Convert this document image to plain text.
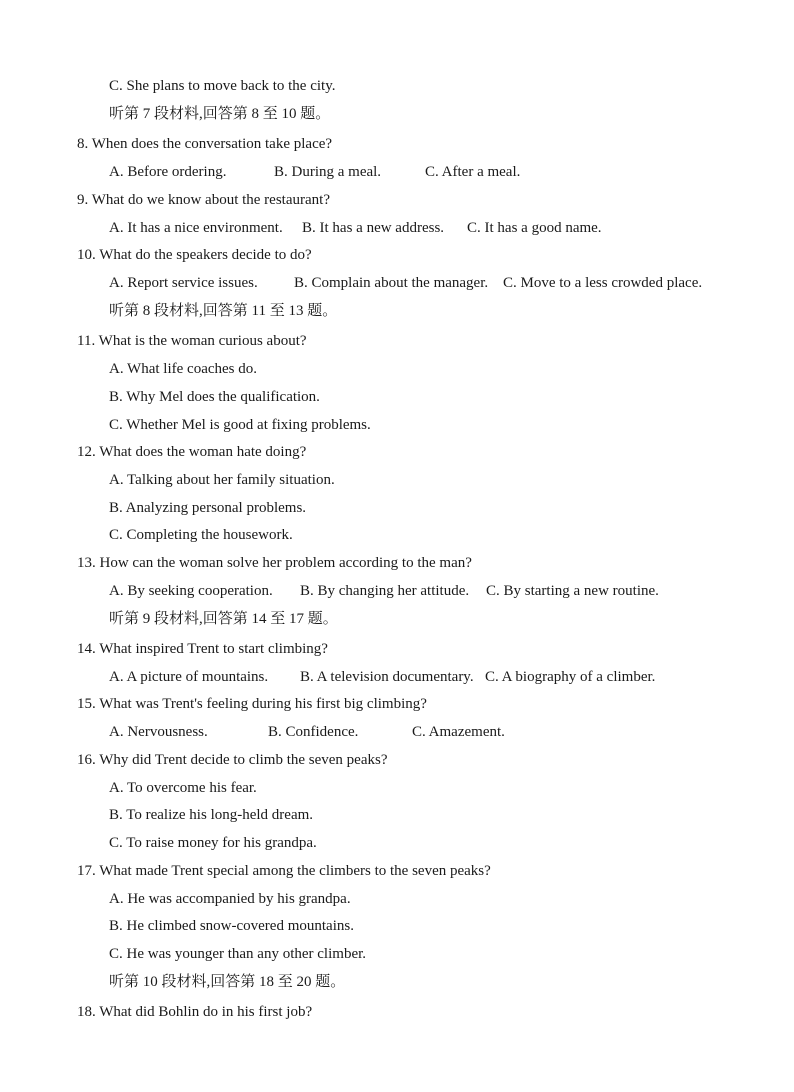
C. She plans to move back to the city.
听第 7 段材料,回答第 8 至 10 题。
8. When does the conversation take place?
A. Before ordering.	B. During a meal.	C. After a meal.
9. What do we know about the restaurant?
A. It has a nice environment. B. It has a new address. C. It has a good name.
10. What do the speakers decide to do?
A. Report service issues. B. Complain about the manager. C. Move to a less crowded place.
听第 8 段材料,回答第 11 至 13 题。
11. What is the woman curious about?
A. What life coaches do.
B. Why Mel does the qualification.
C. Whether Mel is good at fixing problems.
12. What does the woman hate doing?
A. Talking about her family situation.
B. Analyzing personal problems.
C. Completing the housework.
13. How can the woman solve her problem according to the man?
A. By seeking cooperation. B. By changing her attitude. C. By starting a new routine.
听第 9 段材料,回答第 14 至 17 题。
14. What inspired Trent to start climbing?
A. A picture of mountains. B. A television documentary. C. A biography of a climber.
15. What was Trent's feeling during his first big climbing?
A. Nervousness.	B. Confidence.	C. Amazement.
16. Why did Trent decide to climb the seven peaks?
A. To overcome his fear.
B. To realize his long-held dream.
C. To raise money for his grandpa.
17. What made Trent special among the climbers to the seven peaks?
A. He was accompanied by his grandpa.
B. He climbed snow-covered mountains.
C. He was younger than any other climber.
听第 10 段材料,回答第 18 至 20 题。
18. What did Bohlin do in his first job?
